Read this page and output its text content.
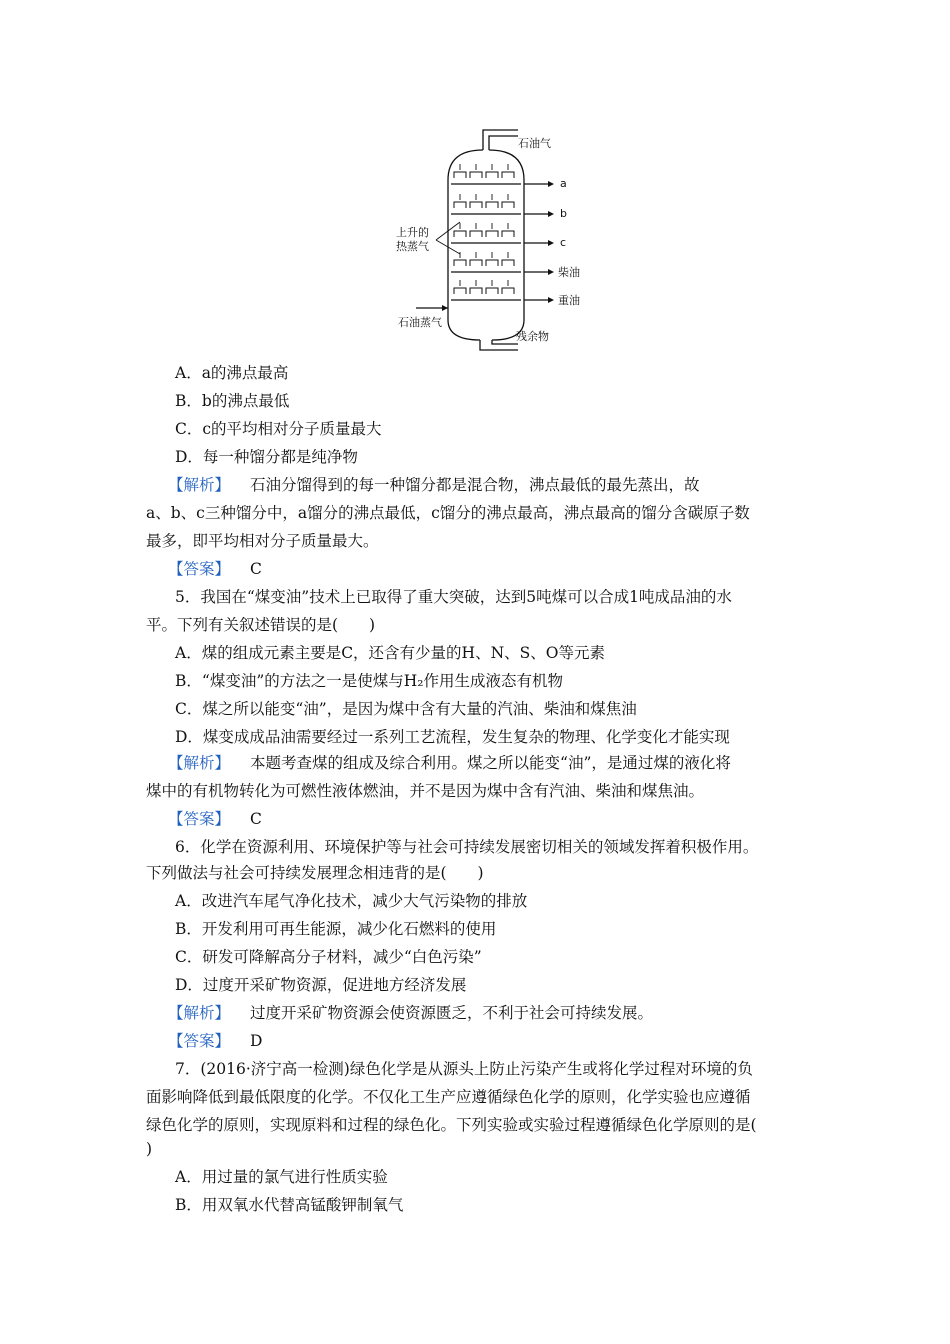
石油气
a
b
c
柴油
重油
上升的
热蒸气
石油蒸气
残余物
A．a的沸点最高
B．b的沸点最低
C．c的平均相对分子质量最大
D．每一种馏分都是纯净物
【解析】 石油分馏得到的每一种馏分都是混合物，沸点最低的最先蒸出，故
a、b、c三种馏分中，a馏分的沸点最低，c馏分的沸点最高，沸点最高的馏分含碳原子数
最多，即平均相对分子质量最大。
【答案】 C
5．我国在“煤变油”技术上已取得了重大突破，达到5吨煤可以合成1吨成品油的水
平。下列有关叙述错误的是(　　)
A．煤的组成元素主要是C，还含有少量的H、N、S、O等元素
B．“煤变油”的方法之一是使煤与H₂作用生成液态有机物
C．煤之所以能变“油”，是因为煤中含有大量的汽油、柴油和煤焦油
D．煤变成成品油需要经过一系列工艺流程，发生复杂的物理、化学变化才能实现
【解析】 本题考查煤的组成及综合利用。煤之所以能变“油”，是通过煤的液化将
煤中的有机物转化为可燃性液体燃油，并不是因为煤中含有汽油、柴油和煤焦油。
【答案】 C
6．化学在资源利用、环境保护等与社会可持续发展密切相关的领域发挥着积极作用。
下列做法与社会可持续发展理念相违背的是(　　)
A．改进汽车尾气净化技术，减少大气污染物的排放
B．开发利用可再生能源，减少化石燃料的使用
C．研发可降解高分子材料，减少“白色污染”
D．过度开采矿物资源，促进地方经济发展
【解析】 过度开采矿物资源会使资源匮乏，不利于社会可持续发展。
【答案】 D
7．(2016·济宁高一检测)绿色化学是从源头上防止污染产生或将化学过程对环境的负
面影响降低到最低限度的化学。不仅化工生产应遵循绿色化学的原则，化学实验也应遵循
绿色化学的原则，实现原料和过程的绿色化。下列实验或实验过程遵循绿色化学原则的是(
)
A．用过量的氯气进行性质实验
B．用双氧水代替高锰酸钾制氧气
